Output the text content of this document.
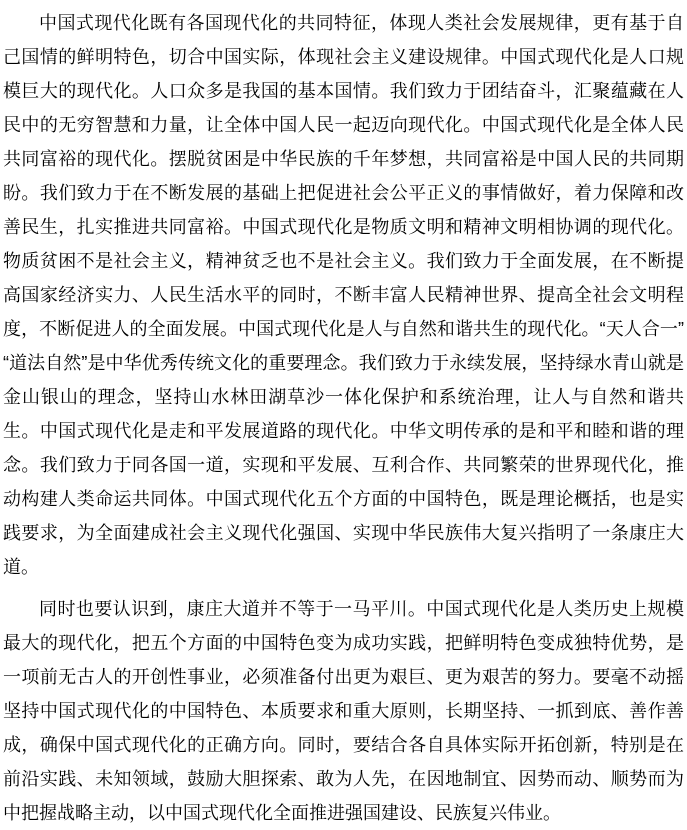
中国式现代化既有各国现代化的共同特征，体现人类社会发展规律，更有基于自己国情的鲜明特色，切合中国实际，体现社会主义建设规律。中国式现代化是人口规模巨大的现代化。人口众多是我国的基本国情。我们致力于团结奋斗，汇聚蕴藏在人民中的无穷智慧和力量，让全体中国人民一起迈向现代化。中国式现代化是全体人民共同富裕的现代化。摆脱贫困是中华民族的千年梦想，共同富裕是中国人民的共同期盼。我们致力于在不断发展的基础上把促进社会公平正义的事情做好，着力保障和改善民生，扎实推进共同富裕。中国式现代化是物质文明和精神文明相协调的现代化。物质贫困不是社会主义，精神贫乏也不是社会主义。我们致力于全面发展，在不断提高国家经济实力、人民生活水平的同时，不断丰富人民精神世界、提高全社会文明程度，不断促进人的全面发展。中国式现代化是人与自然和谐共生的现代化。“天人合一”“道法自然”是中华优秀传统文化的重要理念。我们致力于永续发展，坚持绿水青山就是金山银山的理念，坚持山水林田湖草沙一体化保护和系统治理，让人与自然和谐共生。中国式现代化是走和平发展道路的现代化。中华文明传承的是和平和睦和谐的理念。我们致力于同各国一道，实现和平发展、互利合作、共同繁荣的世界现代化，推动构建人类命运共同体。中国式现代化五个方面的中国特色，既是理论概括，也是实践要求，为全面建成社会主义现代化强国、实现中华民族伟大复兴指明了一条康庄大道。

同时也要认识到，康庄大道并不等于一马平川。中国式现代化是人类历史上规模最大的现代化，把五个方面的中国特色变为成功实践，把鲜明特色变成独特优势，是一项前无古人的开创性事业，必须准备付出更为艰巨、更为艰苦的努力。要毫不动摇坚持中国式现代化的中国特色、本质要求和重大原则，长期坚持、一抓到底、善作善成，确保中国式现代化的正确方向。同时，要结合各自具体实际开拓创新，特别是在前沿实践、未知领域，鼓励大胆探索、敢为人先，在因地制宜、因势而动、顺势而为中把握战略主动，以中国式现代化全面推进强国建设、民族复兴伟业。
